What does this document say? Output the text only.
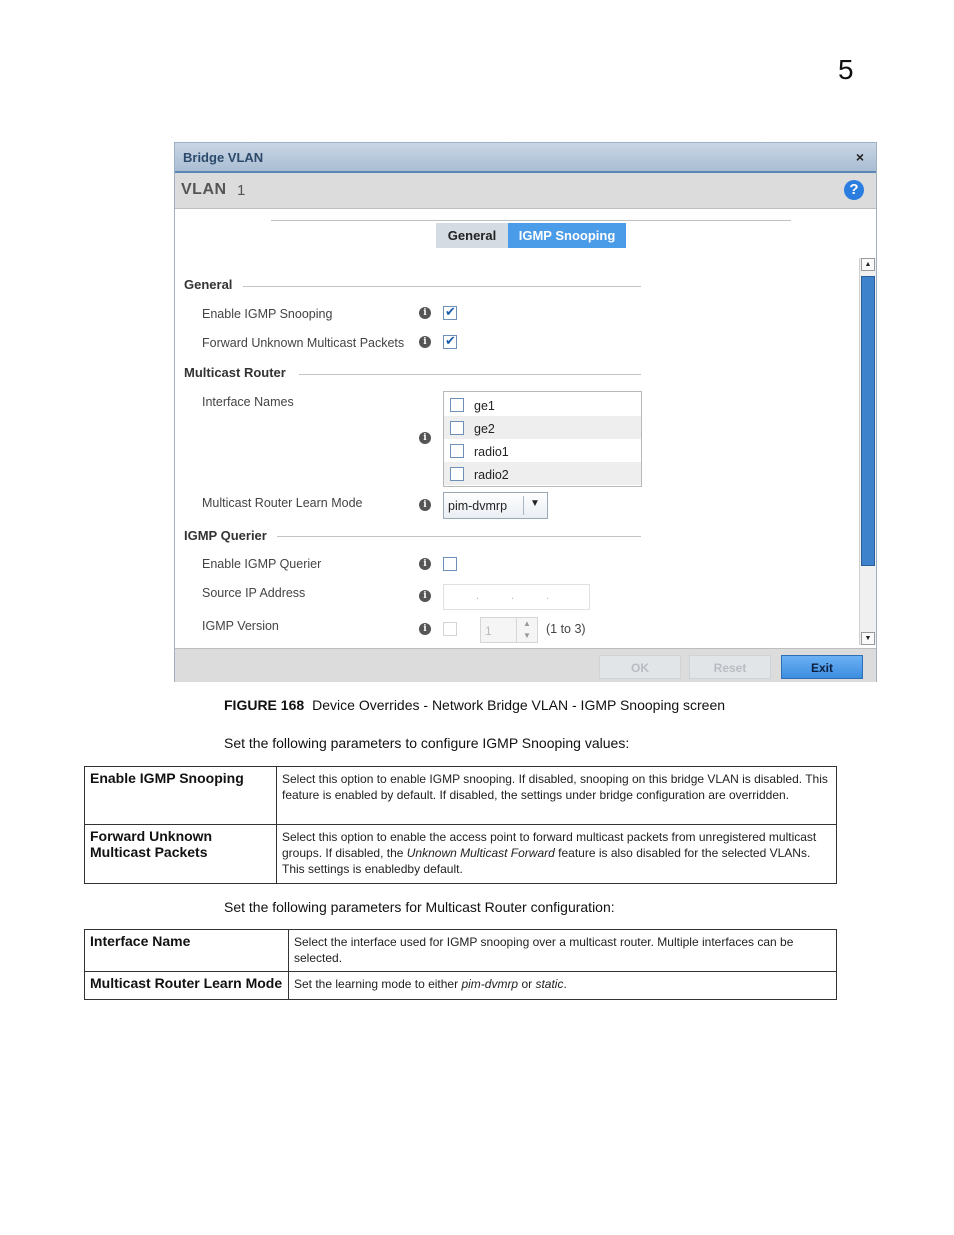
5
Bridge VLAN	×
VLAN 1	?
General	IGMP Snooping
General
Enable IGMP Snooping	i
✔
Forward Unknown Multicast Packets	i
✔
Multicast Router
Interface Names
i
ge1
ge2
radio1
radio2
Multicast Router Learn Mode	i	pim-dvmrp ▼
IGMP Querier
Enable IGMP Querier	i
Source IP Address	i	.	.	.
IGMP Version	i	1
▲
▼	(1 to 3)
▲
▼
OK	Reset	Exit
FIGURE 168 Device Overrides - Network Bridge VLAN - IGMP Snooping screen
Set the following parameters to configure IGMP Snooping values:
Enable IGMP Snooping	Select this option to enable IGMP snooping. If disabled, snooping on this bridge VLAN is disabled. This feature is enabled by default. If disabled, the settings under bridge configuration are overridden.
Forward Unknown Multicast Packets	Select this option to enable the access point to forward multicast packets from unregistered multicast groups. If disabled, the Unknown Multicast Forward feature is also disabled for the selected VLANs. This settings is enabledby default.
Set the following parameters for Multicast Router configuration:
Interface Name	Select the interface used for IGMP snooping over a multicast router. Multiple interfaces can be selected.
Multicast Router Learn Mode	Set the learning mode to either pim-dvmrp or static.
